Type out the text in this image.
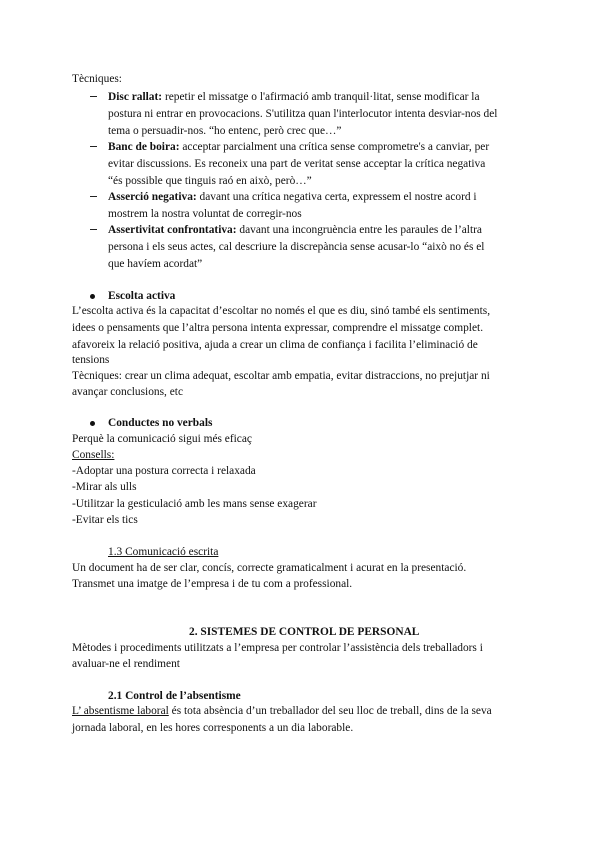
Tècniques:
Disc rallat: repetir el missatge o l'afirmació amb tranquil·litat, sense modificar la
postura ni entrar en provocacions. S'utilitza quan l'interlocutor intenta desviar-nos del
tema o persuadir-nos. “ho entenc, però crec que…”
Banc de boira: acceptar parcialment una crítica sense comprometre's a canviar, per
evitar discussions. Es reconeix una part de veritat sense acceptar la crítica negativa
“és possible que tinguis raó en això, però…”
Asserció negativa: davant una crítica negativa certa, expressem el nostre acord i
mostrem la nostra voluntat de corregir-nos
Assertivitat confrontativa: davant una incongruència entre les paraules de l’altra
persona i els seus actes, cal descriure la discrepància sense acusar-lo “això no és el
que havíem acordat”
Escolta activa
L’escolta activa és la capacitat d’escoltar no només el que es diu, sinó també els sentiments,
idees o pensaments que l’altra persona intenta expressar, comprendre el missatge complet.
afavoreix la relació positiva, ajuda a crear un clima de confiança i facilita l’eliminació de
tensions
Tècniques: crear un clima adequat, escoltar amb empatia, evitar distraccions, no prejutjar ni
avançar conclusions, etc
Conductes no verbals
Perquè la comunicació sigui més eficaç
Consells:
-Adoptar una postura correcta i relaxada
-Mirar als ulls
-Utilitzar la gesticulació amb les mans sense exagerar
-Evitar els tics
1.3 Comunicació escrita
Un document ha de ser clar, concís, correcte gramaticalment i acurat en la presentació.
Transmet una imatge de l’empresa i de tu com a professional.
2. SISTEMES DE CONTROL DE PERSONAL
Mètodes i procediments utilitzats a l’empresa per controlar l’assistència dels treballadors i
avaluar-ne el rendiment
2.1 Control de l’absentisme
L’ absentisme laboral és tota absència d’un treballador del seu lloc de treball, dins de la seva
jornada laboral, en les hores corresponents a un dia laborable.
